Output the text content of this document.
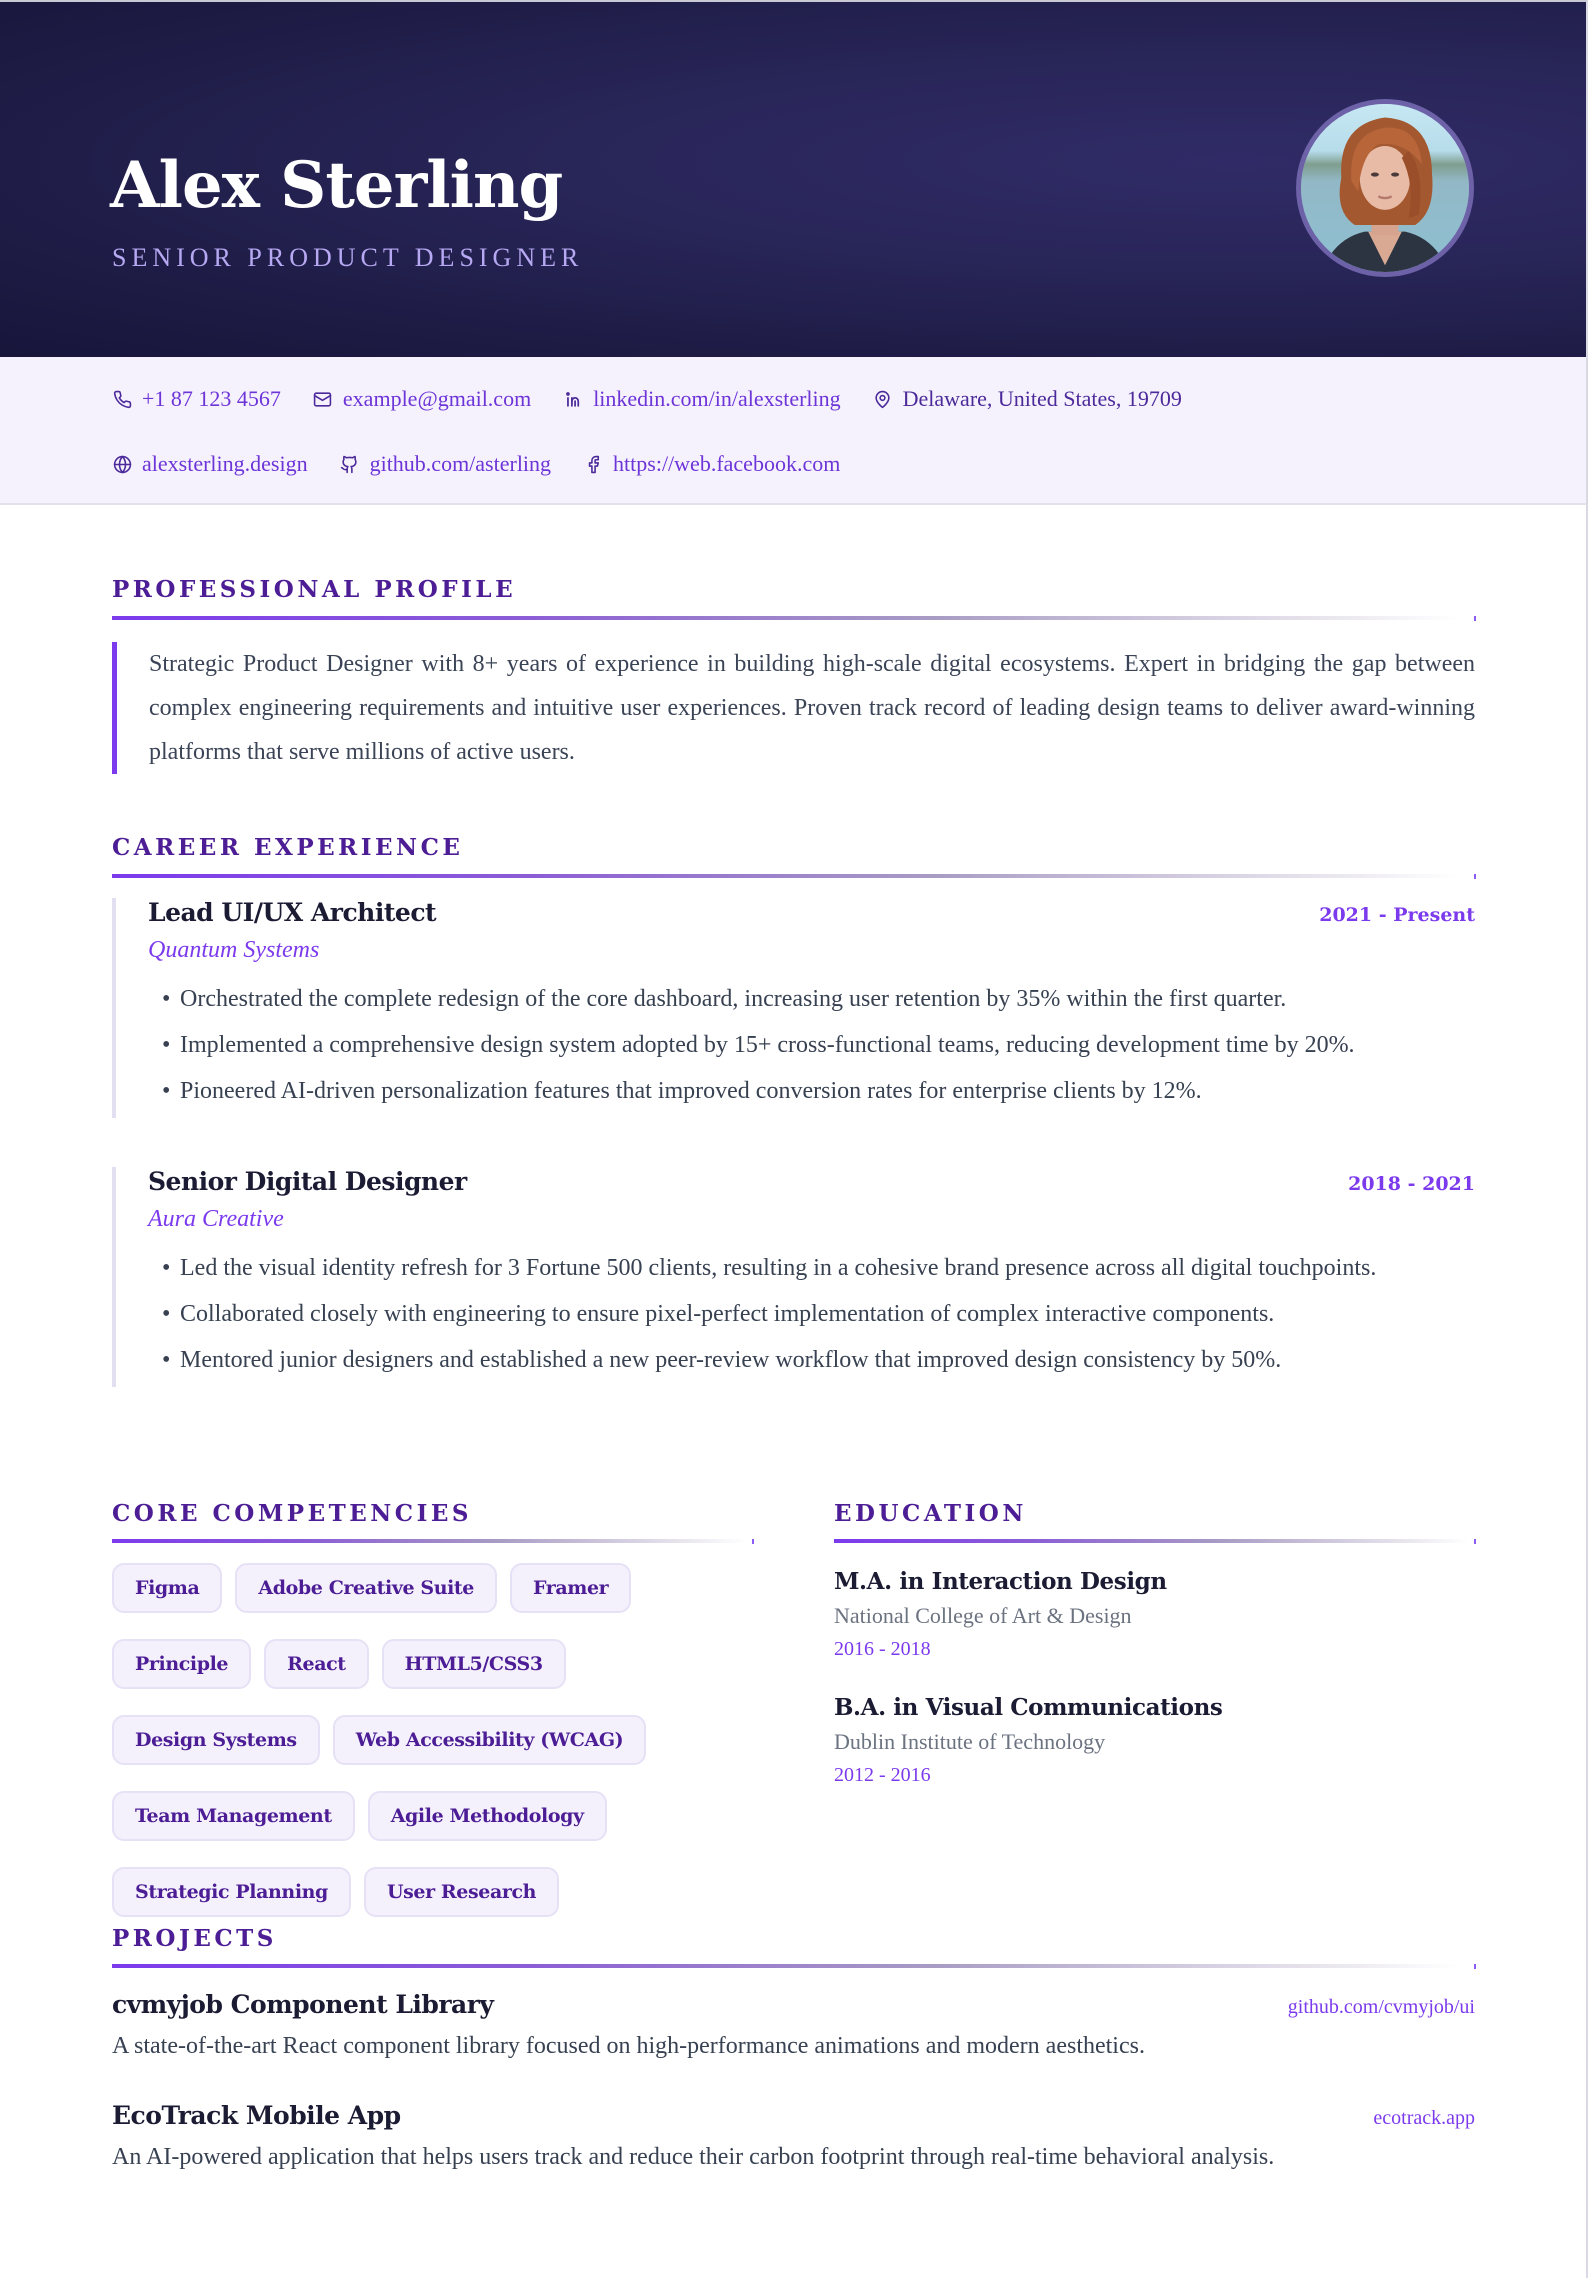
Alex Sterling
SENIOR PRODUCT DESIGNER
+1 87 123 4567	example@gmail.com	linkedin.com/in/alexsterling	Delaware, United States, 19709
alexsterling.design	github.com/asterling	https://web.facebook.com
PROFESSIONAL PROFILE
Strategic Product Designer with 8+ years of experience in building high-scale digital ecosystems. Expert in bridging the gap between complex engineering requirements and intuitive user experiences. Proven track record of leading design teams to deliver award-winning platforms that serve millions of active users.
CAREER EXPERIENCE
Lead UI/UX Architect	2021 - Present
Quantum Systems
• Orchestrated the complete redesign of the core dashboard, increasing user retention by 35% within the first quarter.
• Implemented a comprehensive design system adopted by 15+ cross-functional teams, reducing development time by 20%.
• Pioneered AI-driven personalization features that improved conversion rates for enterprise clients by 12%.
Senior Digital Designer	2018 - 2021
Aura Creative
• Led the visual identity refresh for 3 Fortune 500 clients, resulting in a cohesive brand presence across all digital touchpoints.
• Collaborated closely with engineering to ensure pixel-perfect implementation of complex interactive components.
• Mentored junior designers and established a new peer-review workflow that improved design consistency by 50%.
CORE COMPETENCIES
Figma	Adobe Creative Suite	Framer
Principle	React	HTML5/CSS3
Design Systems	Web Accessibility (WCAG)
Team Management	Agile Methodology
Strategic Planning	User Research
EDUCATION
M.A. in Interaction Design
National College of Art & Design
2016 - 2018
B.A. in Visual Communications
Dublin Institute of Technology
2012 - 2016
PROJECTS
cvmyjob Component Library	github.com/cvmyjob/ui
A state-of-the-art React component library focused on high-performance animations and modern aesthetics.
EcoTrack Mobile App	ecotrack.app
An AI-powered application that helps users track and reduce their carbon footprint through real-time behavioral analysis.
